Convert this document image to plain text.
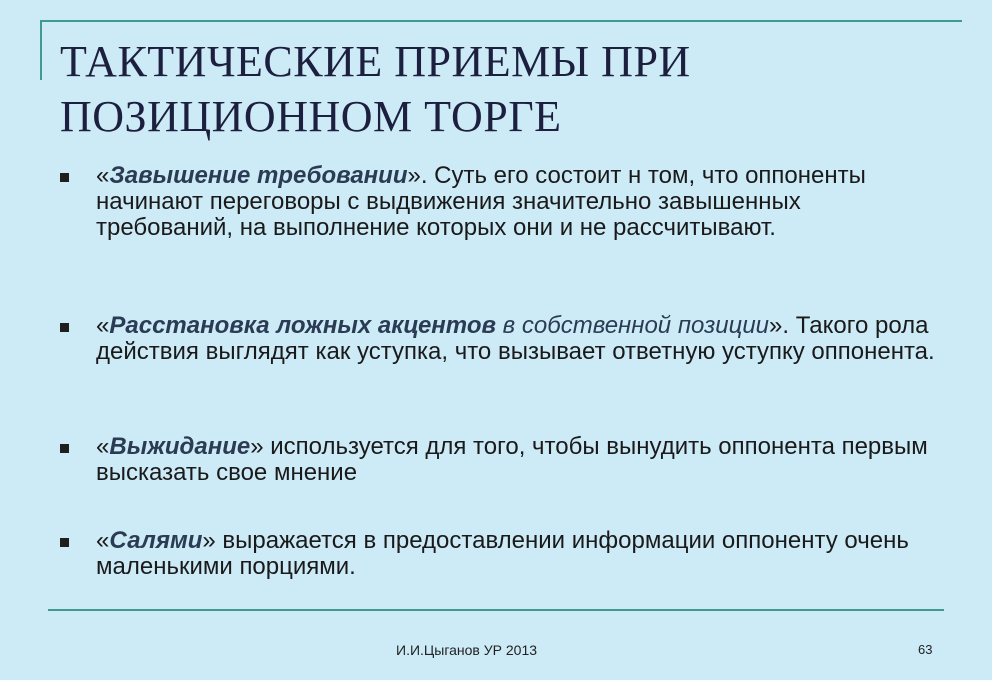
ТАКТИЧЕСКИЕ ПРИЕМЫ ПРИ
ПОЗИЦИОННОМ ТОРГЕ
«Завышение требовании». Суть его состоит н том, что оппоненты начинают переговоры с выдвижения значительно завышенных требований, на выполнение которых они и не рассчитывают.
«Расстановка ложных акцентов в собственной позиции». Такого рола действия выглядят как уступка, что вызывает ответную уступку оппонента.
«Выжидание» используется для того, чтобы вынудить оппонента первым высказать свое мнение
«Салями» выражается в предоставлении информации оппоненту очень маленькими порциями.
И.И.Цыганов УР 2013	63
